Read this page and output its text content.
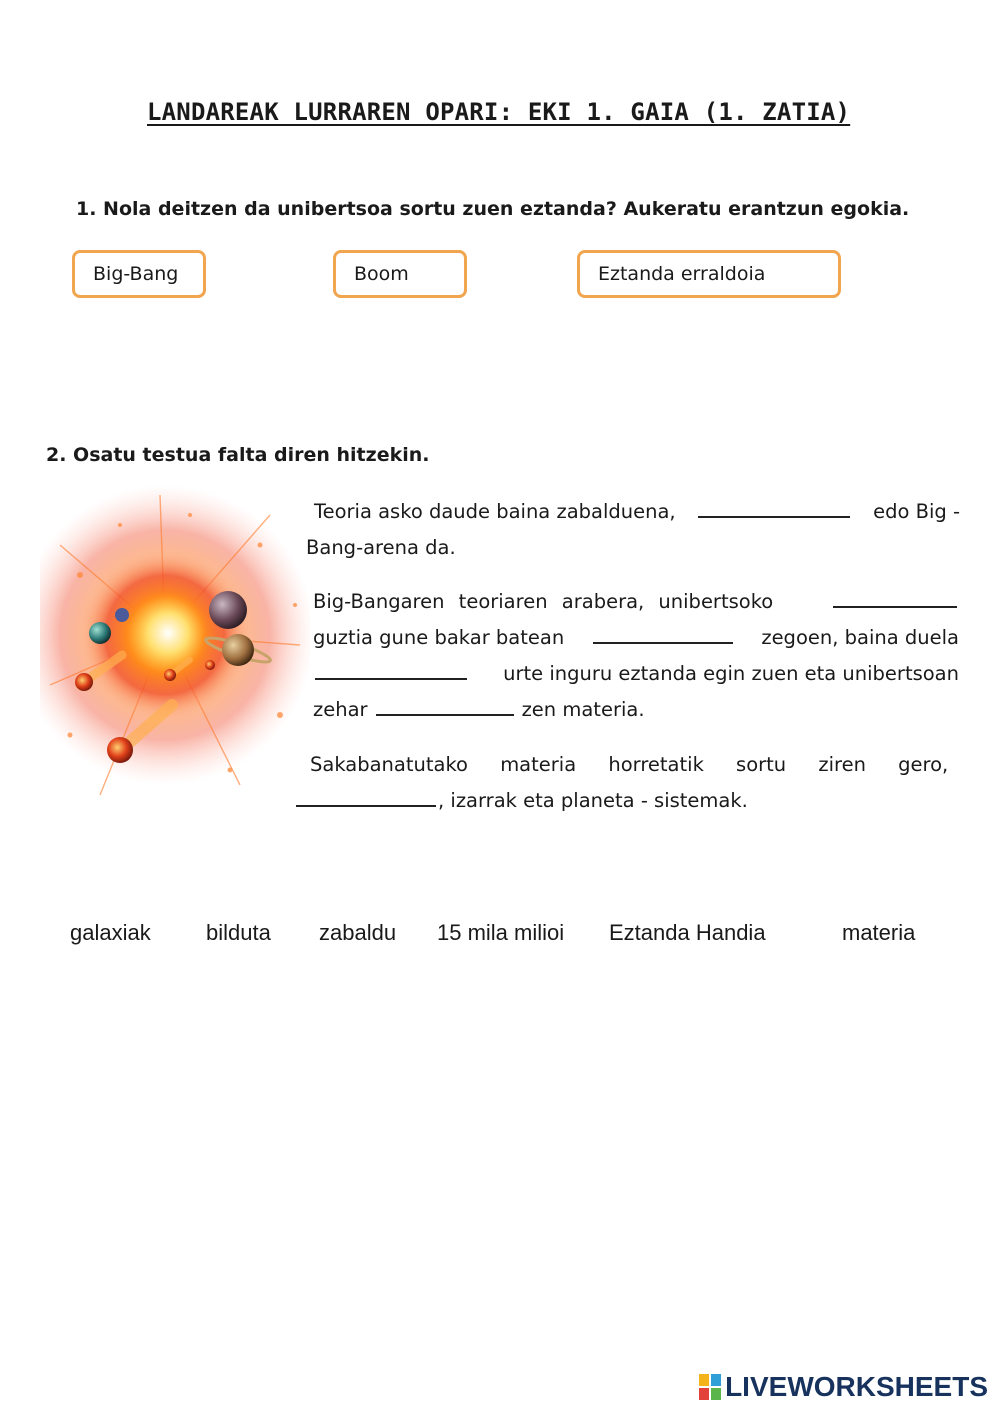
LANDAREAK LURRAREN OPARI: EKI 1. GAIA (1. ZATIA)
1. Nola deitzen da unibertsoa sortu zuen eztanda? Aukeratu erantzun egokia.
Big-Bang	Boom	Eztanda erraldoia
2. Osatu testua falta diren hitzekin.
Teoria asko daude baina zabalduena,	edo Big -
Bang-arena da.
Big-Bangaren teoriaren arabera, unibertsoko
guztia gune bakar batean	zegoen, baina duela
urte inguru eztanda egin zuen eta unibertsoan
zehar	zen materia.
Sakabanatutako materia horretatik sortu ziren gero,
, izarrak eta planeta - sistemak.
galaxiak	bilduta zabaldu 15 mila milioi Eztanda Handia	materia
LIVEWORKSHEETS
